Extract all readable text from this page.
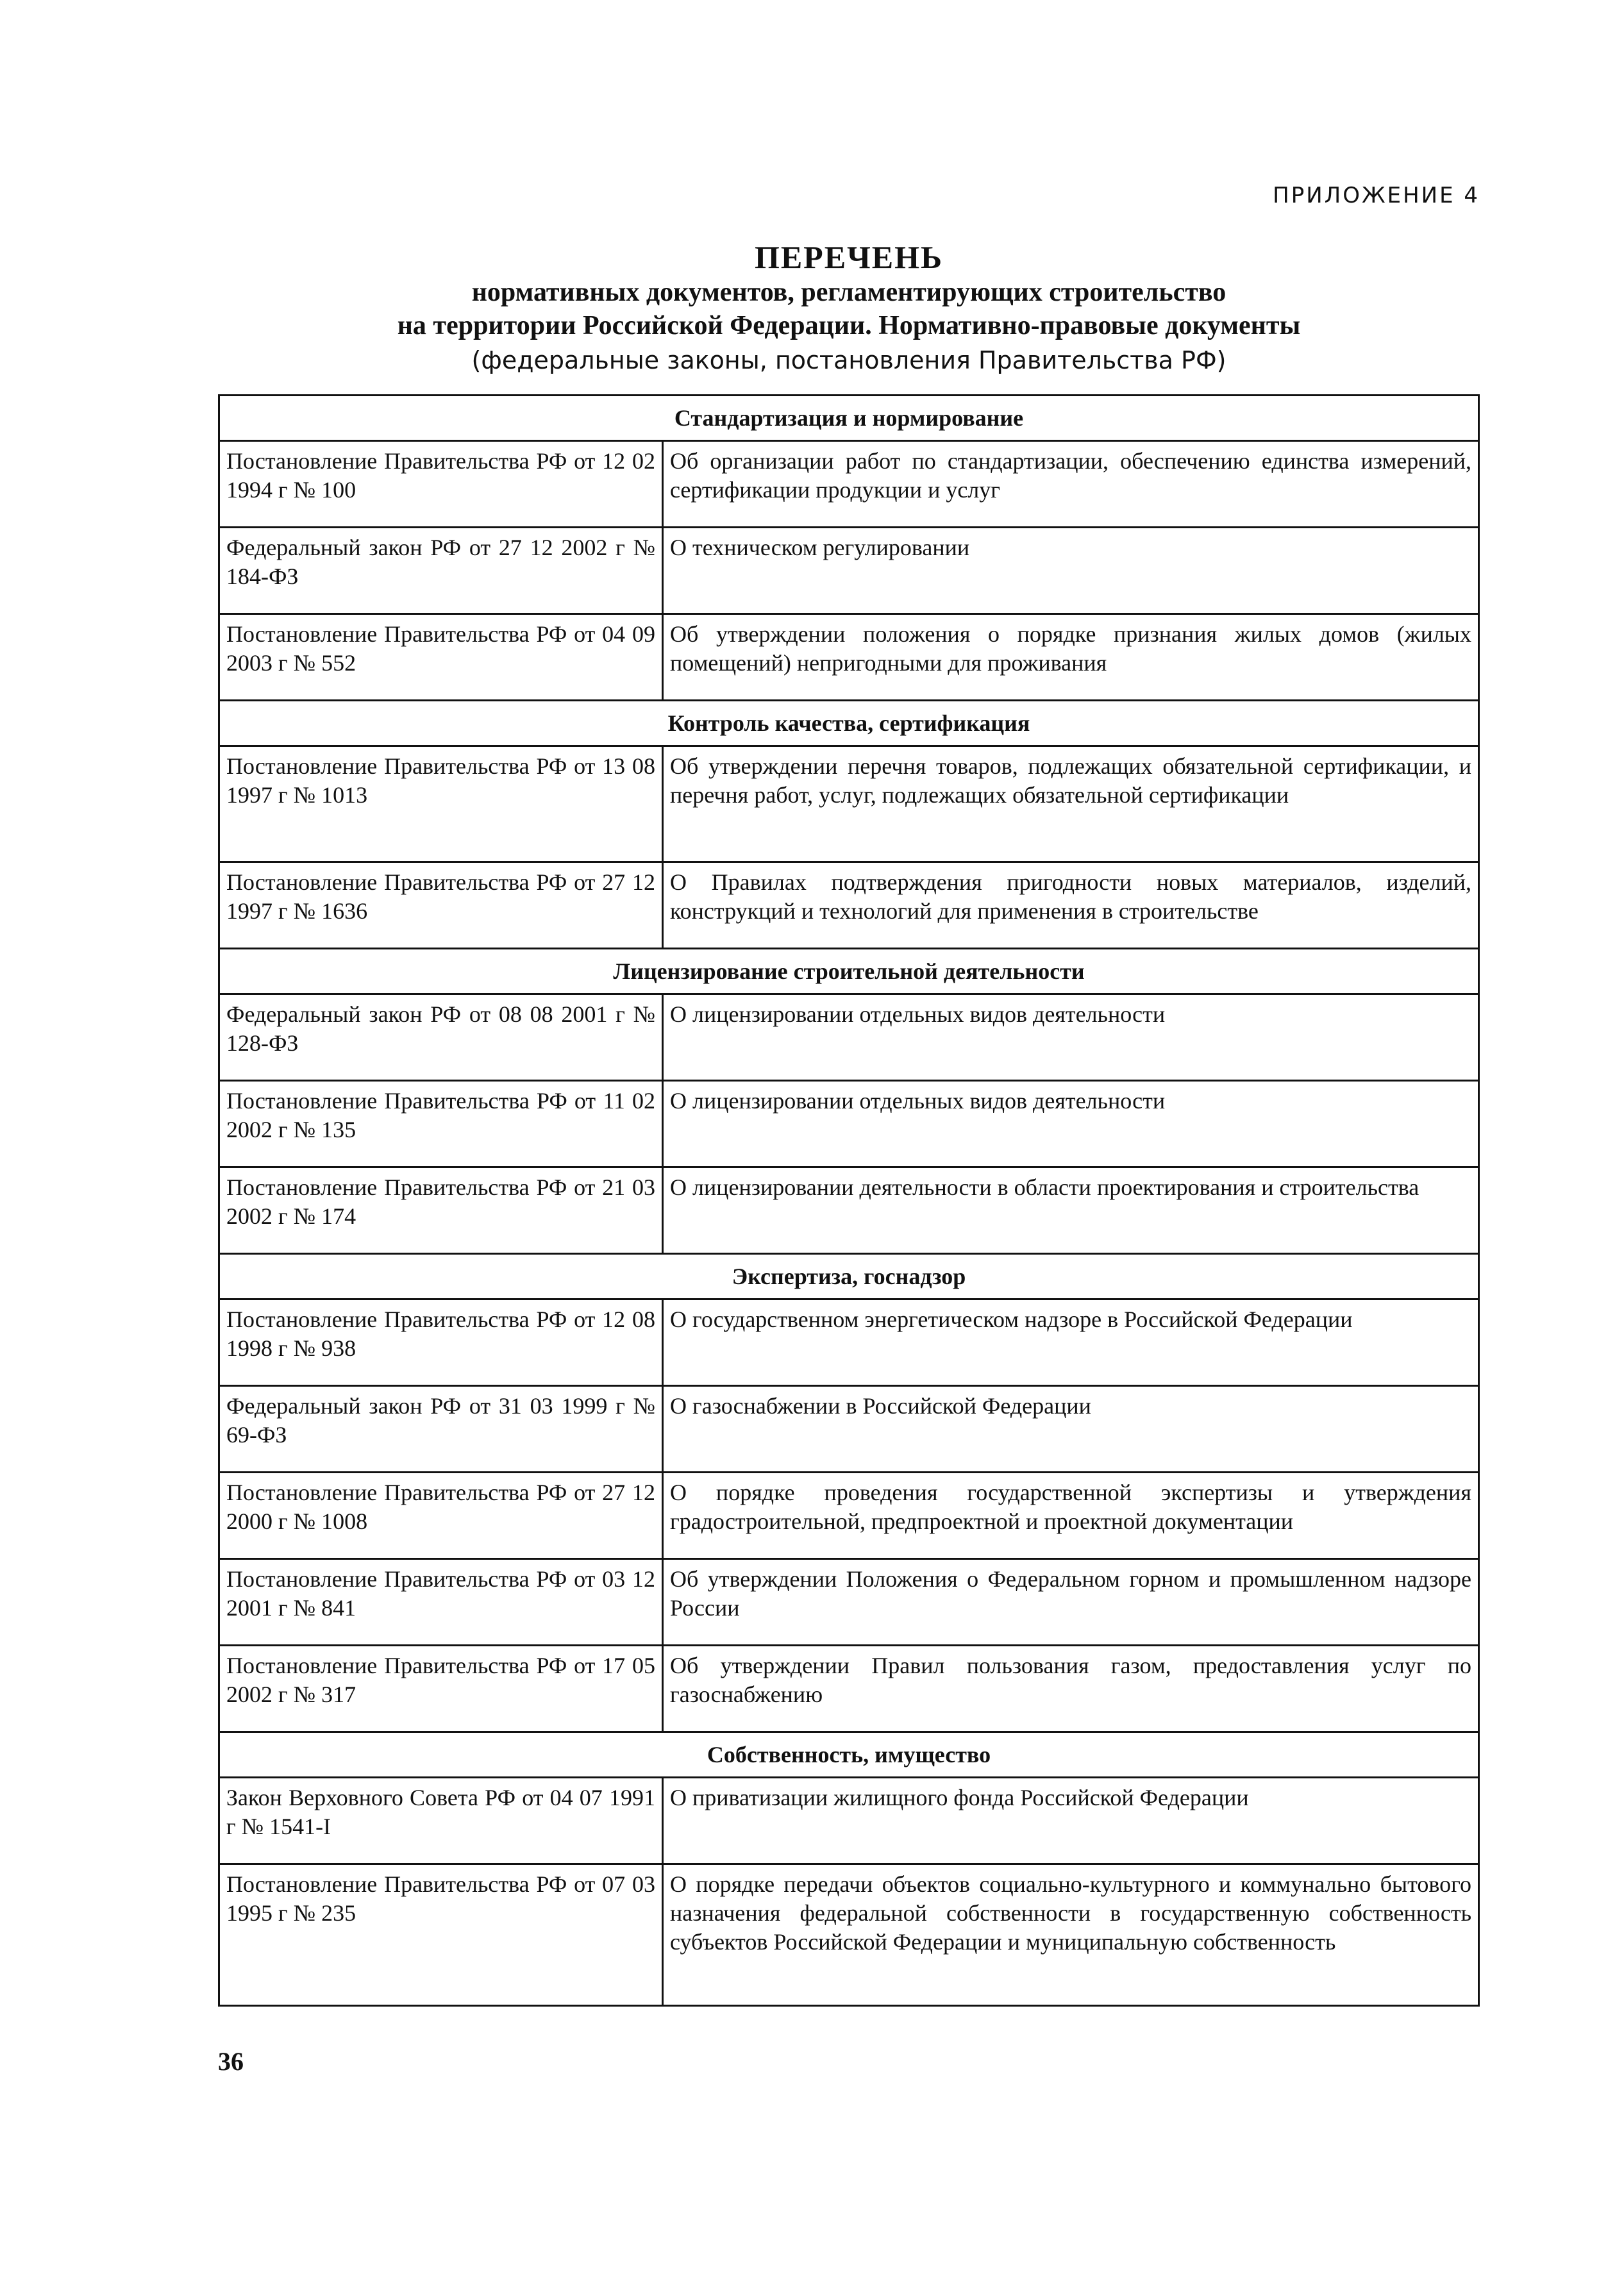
ПРИЛОЖЕНИЕ 4
ПЕРЕЧЕНЬ
нормативных документов, регламентирующих строительство
на территории Российской Федерации. Нормативно-правовые документы
(федеральные законы, постановления Правительства РФ)
Стандартизация и нормирование	
Постановление Правительства РФ от 12 02 1994 г № 100	Об организации работ по стандартизации, обеспечению единства измерений, сертификации продукции и услуг
Федеральный закон РФ от 27 12 2002 г № 184-ФЗ	О техническом регулировании
Постановление Правительства РФ от 04 09 2003 г № 552	Об утверждении положения о порядке признания жилых домов (жилых помещений) непригодными для проживания
Контроль качества, сертификация	
Постановление Правительства РФ от 13 08 1997 г № 1013	Об утверждении перечня товаров, подлежащих обязательной сертификации, и перечня работ, услуг, подлежащих обязательной сертификации
Постановление Правительства РФ от 27 12 1997 г № 1636	О Правилах подтверждения пригодности новых материалов, изделий, конструкций и технологий для применения в строительстве
Лицензирование строительной деятельности	
Федеральный закон РФ от 08 08 2001 г № 128-ФЗ	О лицензировании отдельных видов деятельности
Постановление Правительства РФ от 11 02 2002 г № 135	О лицензировании отдельных видов деятельности
Постановление Правительства РФ от 21 03 2002 г № 174	О лицензировании деятельности в области проектирования и строительства
Экспертиза, госнадзор	
Постановление Правительства РФ от 12 08 1998 г № 938	О государственном энергетическом надзоре в Российской Федерации
Федеральный закон РФ от 31 03 1999 г № 69-ФЗ	О газоснабжении в Российской Федерации
Постановление Правительства РФ от 27 12 2000 г № 1008	О порядке проведения государственной экспертизы и утверждения градостроительной, предпроектной и проектной документации
Постановление Правительства РФ от 03 12 2001 г № 841	Об утверждении Положения о Федеральном горном и промышленном надзоре России
Постановление Правительства РФ от 17 05 2002 г № 317	Об утверждении Правил пользования газом, предоставления услуг по газоснабжению
Собственность, имущество	
Закон Верховного Совета РФ от 04 07 1991 г № 1541-I	О приватизации жилищного фонда Российской Федерации
Постановление Правительства РФ от 07 03 1995 г № 235	О порядке передачи объектов социально-культурного и коммунально бытового назначения федеральной собственности в государственную собственность субъектов Российской Федерации и муниципальную собственность
36
